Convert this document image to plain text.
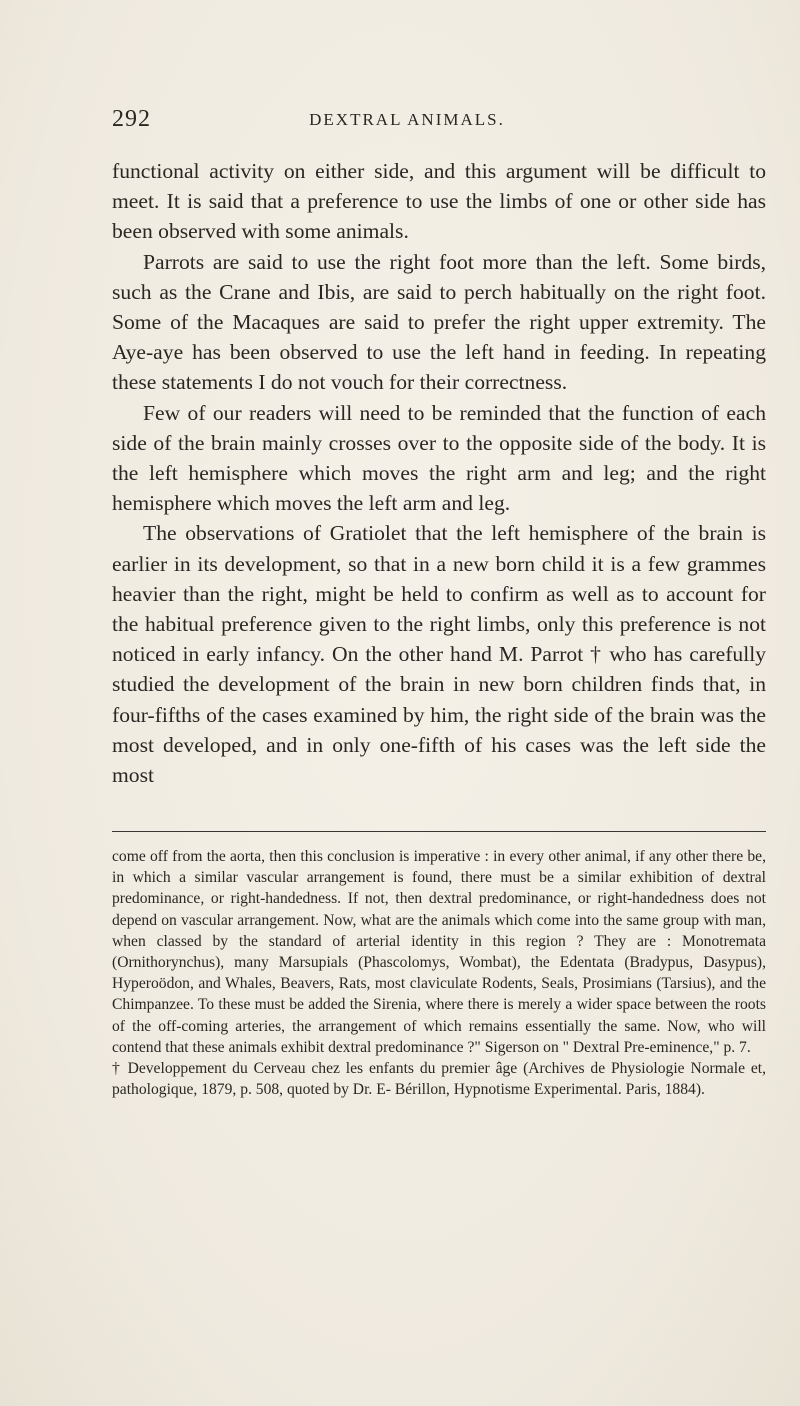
292	DEXTRAL ANIMALS.

functional activity on either side, and this argument will be difficult to meet. It is said that a preference to use the limbs of one or other side has been observed with some animals.

Parrots are said to use the right foot more than the left. Some birds, such as the Crane and Ibis, are said to perch habitually on the right foot. Some of the Macaques are said to prefer the right upper extremity. The Aye-aye has been observed to use the left hand in feeding. In repeating these statements I do not vouch for their correctness.

Few of our readers will need to be reminded that the function of each side of the brain mainly crosses over to the opposite side of the body. It is the left hemisphere which moves the right arm and leg; and the right hemisphere which moves the left arm and leg.

The observations of Gratiolet that the left hemisphere of the brain is earlier in its development, so that in a new born child it is a few grammes heavier than the right, might be held to confirm as well as to account for the habitual preference given to the right limbs, only this preference is not noticed in early infancy. On the other hand M. Parrot † who has carefully studied the development of the brain in new born children finds that, in four-fifths of the cases examined by him, the right side of the brain was the most developed, and in only one-fifth of his cases was the left side the most

come off from the aorta, then this conclusion is imperative : in every other animal, if any other there be, in which a similar vascular arrangement is found, there must be a similar exhibition of dextral predominance, or right-handedness. If not, then dextral predominance, or right-handedness does not depend on vascular arrangement. Now, what are the animals which come into the same group with man, when classed by the standard of arterial identity in this region ? They are : Monotremata (Ornithorynchus), many Marsupials (Phascolomys, Wombat), the Edentata (Bradypus, Dasypus), Hyperoödon, and Whales, Beavers, Rats, most claviculate Rodents, Seals, Prosimians (Tarsius), and the Chimpanzee. To these must be added the Sirenia, where there is merely a wider space between the roots of the off-coming arteries, the arrangement of which remains essentially the same. Now, who will contend that these animals exhibit dextral predominance ?" Sigerson on " Dextral Pre-eminence," p. 7.

† Developpement du Cerveau chez les enfants du premier âge (Archives de Physiologie Normale et, pathologique, 1879, p. 508, quoted by Dr. E- Bérillon, Hypnotisme Experimental. Paris, 1884).
